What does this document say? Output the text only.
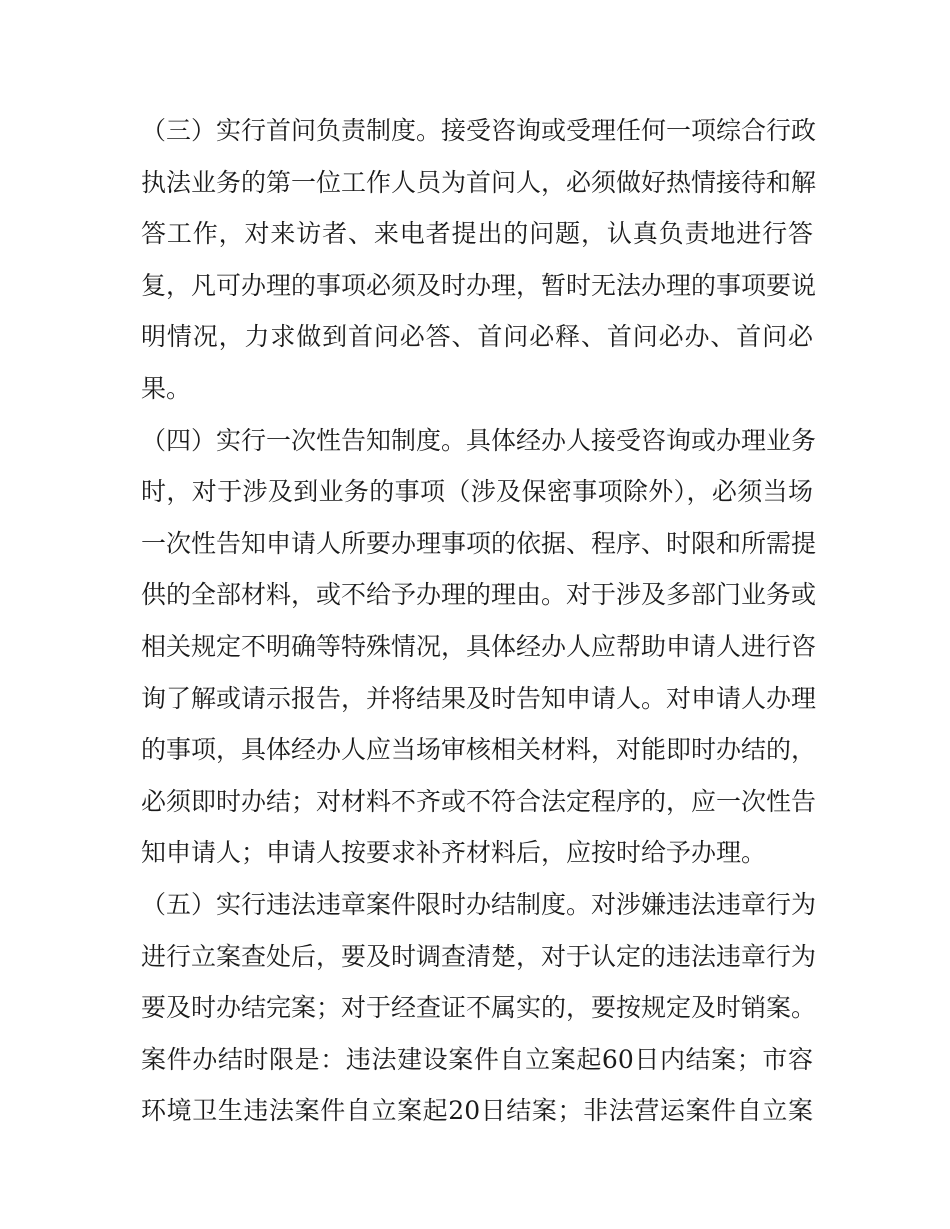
（三）实行首问负责制度。接受咨询或受理任何一项综合行政
执法业务的第一位工作人员为首问人，必须做好热情接待和解
答工作，对来访者、来电者提出的问题，认真负责地进行答
复，凡可办理的事项必须及时办理，暂时无法办理的事项要说
明情况，力求做到首问必答、首问必释、首问必办、首问必
果。
（四）实行一次性告知制度。具体经办人接受咨询或办理业务
时，对于涉及到业务的事项（涉及保密事项除外），必须当场
一次性告知申请人所要办理事项的依据、程序、时限和所需提
供的全部材料，或不给予办理的理由。对于涉及多部门业务或
相关规定不明确等特殊情况，具体经办人应帮助申请人进行咨
询了解或请示报告，并将结果及时告知申请人。对申请人办理
的事项，具体经办人应当场审核相关材料，对能即时办结的，
必须即时办结；对材料不齐或不符合法定程序的，应一次性告
知申请人；申请人按要求补齐材料后，应按时给予办理。
（五）实行违法违章案件限时办结制度。对涉嫌违法违章行为
进行立案查处后，要及时调查清楚，对于认定的违法违章行为
要及时办结完案；对于经查证不属实的，要按规定及时销案。
案件办结时限是：违法建设案件自立案起60日内结案；市容
环境卫生违法案件自立案起20日结案；非法营运案件自立案
